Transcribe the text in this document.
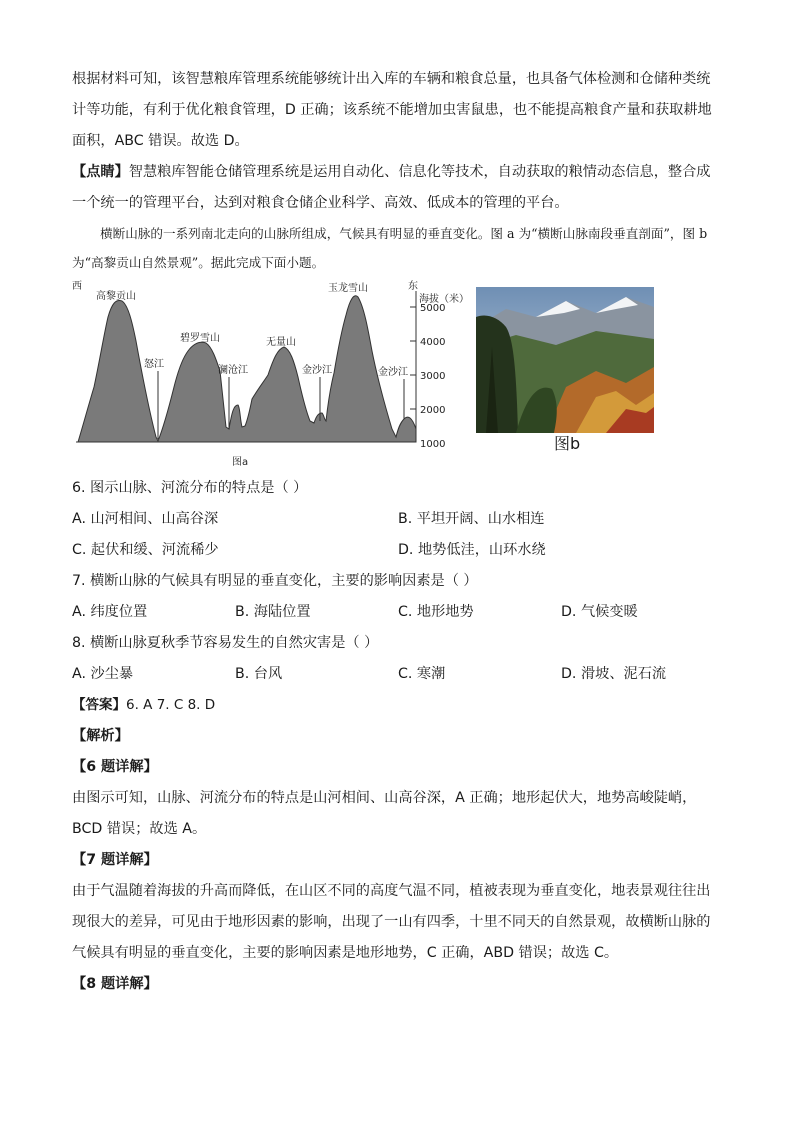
根据材料可知，该智慧粮库管理系统能够统计出入库的车辆和粮食总量，也具备气体检测和仓储种类统计等功能，有利于优化粮食管理，D 正确；该系统不能增加虫害鼠患，也不能提高粮食产量和获取耕地面积，ABC 错误。故选 D。

【点睛】智慧粮库智能仓储管理系统是运用自动化、信息化等技术，自动获取的粮情动态信息，整合成一个统一的管理平台，达到对粮食仓储企业科学、高效、低成本的管理的平台。

横断山脉的一系列南北走向的山脉所组成，气候具有明显的垂直变化。图 a 为“横断山脉南段垂直剖面”，图 b 为“高黎贡山自然景观”。据此完成下面小题。

西	东
海拔（米）
5000
4000
3000
2000
1000
高黎贡山
怒江
碧罗雪山
澜沧江
无量山
金沙江
玉龙雪山
金沙江
图a
图b

6. 图示山脉、河流分布的特点是（ ）

A. 山河相间、山高谷深	B. 平坦开阔、山水相连
C. 起伏和缓、河流稀少	D. 地势低洼，山环水绕

7. 横断山脉的气候具有明显的垂直变化，主要的影响因素是（ ）

A. 纬度位置	B. 海陆位置	C. 地形地势	D. 气候变暖

8. 横断山脉夏秋季节容易发生的自然灾害是（ ）

A. 沙尘暴	B. 台风	C. 寒潮	D. 滑坡、泥石流

【答案】6. A 7. C 8. D

【解析】

【6 题详解】

由图示可知，山脉、河流分布的特点是山河相间、山高谷深，A 正确；地形起伏大，地势高峻陡峭，BCD 错误；故选 A。

【7 题详解】

由于气温随着海拔的升高而降低，在山区不同的高度气温不同，植被表现为垂直变化，地表景观往往出现很大的差异，可见由于地形因素的影响，出现了一山有四季，十里不同天的自然景观，故横断山脉的气候具有明显的垂直变化，主要的影响因素是地形地势，C 正确，ABD 错误；故选 C。

【8 题详解】
